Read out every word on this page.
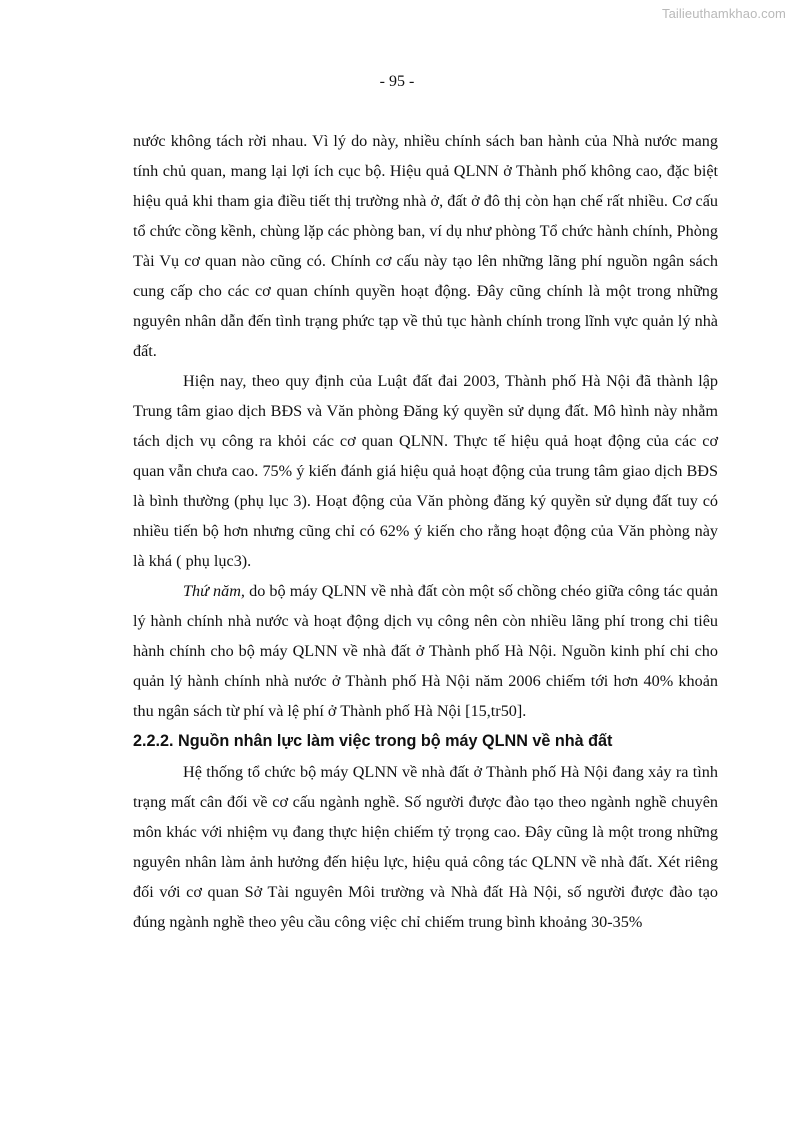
Tailieuthamkhao.com
- 95 -

nước không tách rời nhau. Vì lý do này, nhiều chính sách ban hành của Nhà nước mang tính chủ quan, mang lại lợi ích cục bộ. Hiệu quả QLNN ở Thành phố không cao, đặc biệt hiệu quả khi tham gia điều tiết thị trường nhà ở, đất ở đô thị còn hạn chế rất nhiều. Cơ cấu tổ chức cồng kềnh, chùng lặp các phòng ban, ví dụ như phòng Tổ chức hành chính, Phòng Tài Vụ cơ quan nào cũng có. Chính cơ cấu này tạo lên những lãng phí nguồn ngân sách cung cấp cho các cơ quan chính quyền hoạt động. Đây cũng chính là một trong những nguyên nhân dẫn đến tình trạng phức tạp về thủ tục hành chính trong lĩnh vực quản lý nhà đất.

Hiện nay, theo quy định của Luật đất đai 2003, Thành phố Hà Nội đã thành lập Trung tâm giao dịch BĐS và Văn phòng Đăng ký quyền sử dụng đất. Mô hình này nhằm tách dịch vụ công ra khỏi các cơ quan QLNN. Thực tế hiệu quả hoạt động của các cơ quan vẫn chưa cao. 75% ý kiến đánh giá hiệu quả hoạt động của trung tâm giao dịch BĐS là bình thường (phụ lục 3). Hoạt động của Văn phòng đăng ký quyền sử dụng đất tuy có nhiều tiến bộ hơn nhưng cũng chỉ có 62% ý kiến cho rằng hoạt động của Văn phòng này là khá ( phụ lục3).

Thứ năm, do bộ máy QLNN về nhà đất còn một số chồng chéo giữa công tác quản lý hành chính nhà nước và hoạt động dịch vụ công nên còn nhiều lãng phí trong chi tiêu hành chính cho bộ máy QLNN về nhà đất ở Thành phố Hà Nội. Nguồn kinh phí chi cho quản lý hành chính nhà nước ở Thành phố Hà Nội năm 2006 chiếm tới hơn 40% khoản thu ngân sách từ phí và lệ phí ở Thành phố Hà Nội [15,tr50].

2.2.2. Nguồn nhân lực làm việc trong bộ máy QLNN về nhà đất

Hệ thống tổ chức bộ máy QLNN về nhà đất ở Thành phố Hà Nội đang xảy ra tình trạng mất cân đối về cơ cấu ngành nghề. Số người được đào tạo theo ngành nghề chuyên môn khác với nhiệm vụ đang thực hiện chiếm tỷ trọng cao. Đây cũng là một trong những nguyên nhân làm ảnh hưởng đến hiệu lực, hiệu quả công tác QLNN về nhà đất. Xét riêng đối với cơ quan Sở Tài nguyên Môi trường và Nhà đất Hà Nội, số người được đào tạo đúng ngành nghề theo yêu cầu công việc chỉ chiếm trung bình khoảng 30-35%
